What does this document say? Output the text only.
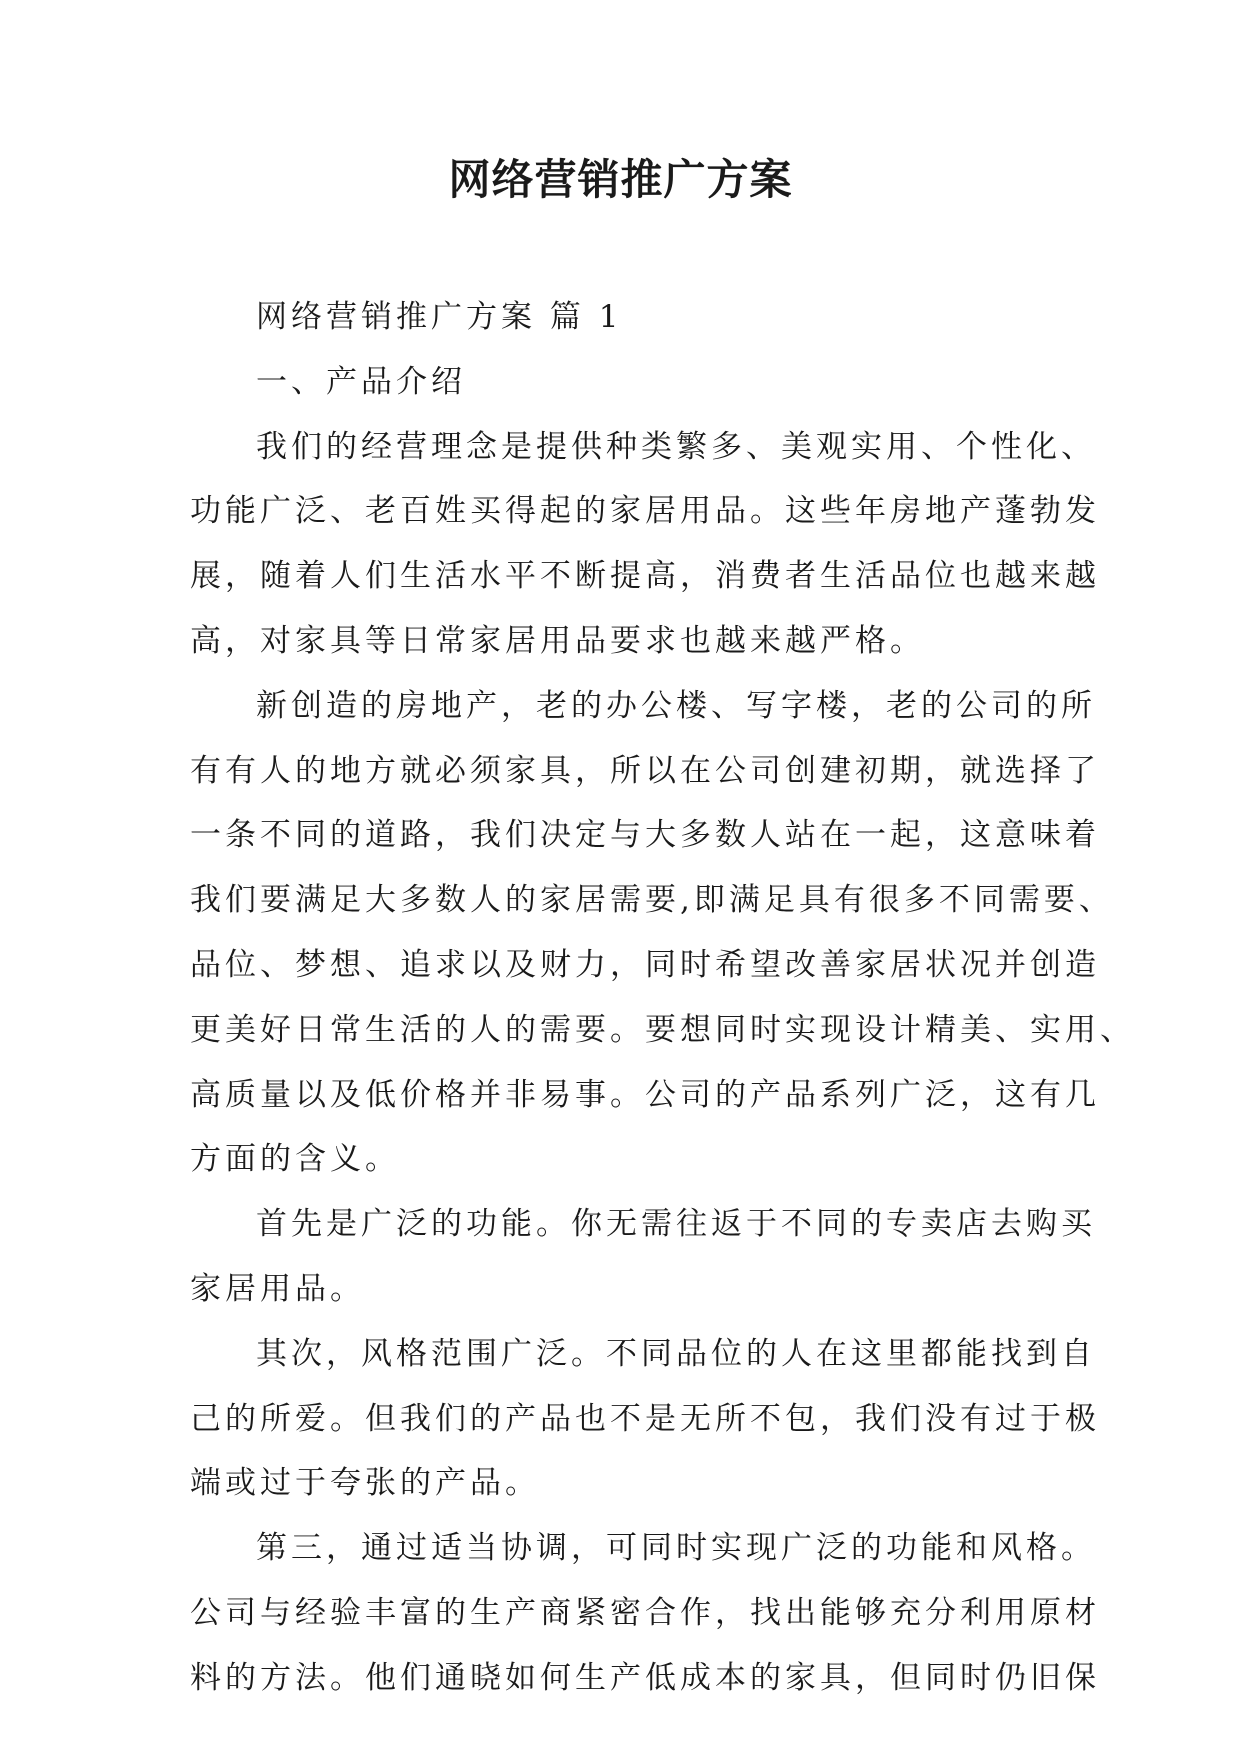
网络营销推广方案

网络营销推广方案 篇 1

一、产品介绍

我们的经营理念是提供种类繁多、美观实用、个性化、

功能广泛、老百姓买得起的家居用品。这些年房地产蓬勃发

展，随着人们生活水平不断提高，消费者生活品位也越来越

高，对家具等日常家居用品要求也越来越严格。

新创造的房地产，老的办公楼、写字楼，老的公司的所

有有人的地方就必须家具，所以在公司创建初期，就选择了

一条不同的道路，我们决定与大多数人站在一起，这意味着

我们要满足大多数人的家居需要,即满足具有很多不同需要、

品位、梦想、追求以及财力，同时希望改善家居状况并创造

更美好日常生活的人的需要。要想同时实现设计精美、实用、

高质量以及低价格并非易事。公司的产品系列广泛，这有几

方面的含义。

首先是广泛的功能。你无需往返于不同的专卖店去购买

家居用品。

其次，风格范围广泛。不同品位的人在这里都能找到自

己的所爱。但我们的产品也不是无所不包，我们没有过于极

端或过于夸张的产品。

第三，通过适当协调，可同时实现广泛的功能和风格。

公司与经验丰富的生产商紧密合作，找出能够充分利用原材

料的方法。他们通晓如何生产低成本的家具，但同时仍旧保
